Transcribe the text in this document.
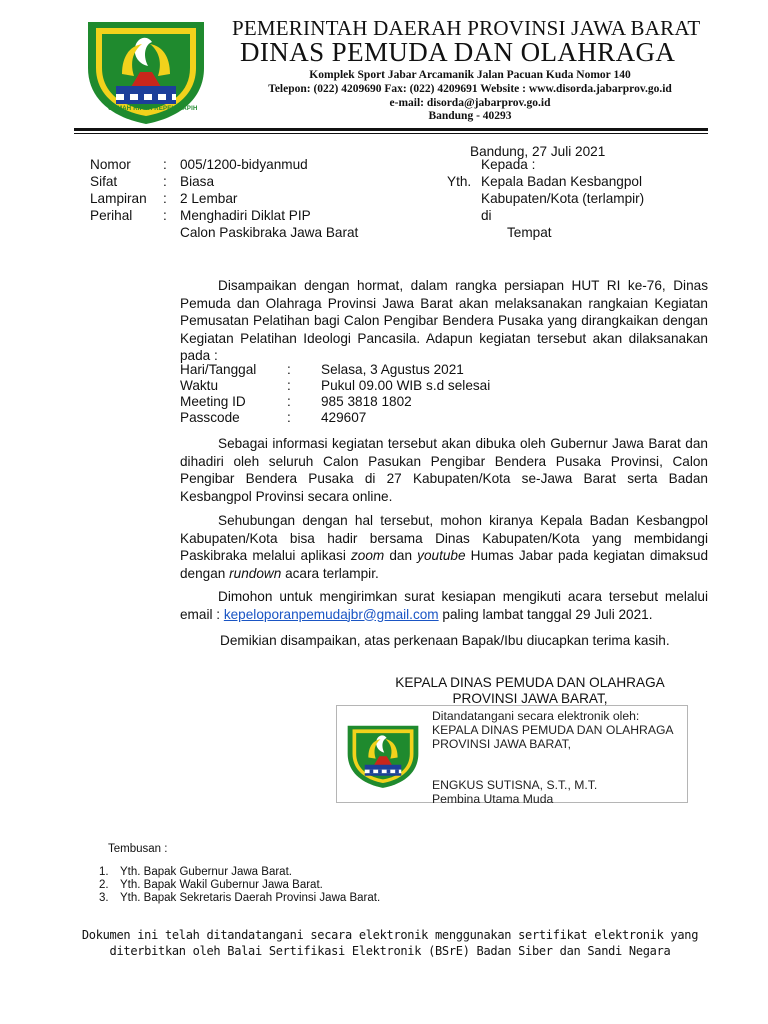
GEMAH RIPAH REPEH RAPIH
PEMERINTAH DAERAH PROVINSI JAWA BARAT
DINAS PEMUDA DAN OLAHRAGA
Komplek Sport Jabar Arcamanik Jalan Pacuan Kuda Nomor 140
Telepon: (022) 4209690 Fax: (022) 4209691 Website : www.disorda.jabarprov.go.id
e-mail: disorda@jabarprov.go.id
Bandung - 40293
Bandung, 27 Juli 2021
Nomor : 005/1200-bidyanmud
Sifat	: Biasa
Lampiran : 2 Lembar
Perihal : Menghadiri Diklat PIP
Calon Paskibraka Jawa Barat
Kepada :
Yth. Kepala Badan Kesbangpol
Kabupaten/Kota (terlampir)
di
Tempat
Disampaikan dengan hormat, dalam rangka persiapan HUT RI ke-76, Dinas Pemuda dan Olahraga Provinsi Jawa Barat akan melaksanakan rangkaian Kegiatan Pemusatan Pelatihan bagi Calon Pengibar Bendera Pusaka yang dirangkaikan dengan Kegiatan Pelatihan Ideologi Pancasila. Adapun kegiatan tersebut akan dilaksanakan pada :
Hari/Tanggal : Selasa, 3 Agustus 2021
Waktu	: Pukul 09.00 WIB s.d selesai
Meeting ID	: 985 3818 1802
Passcode	: 429607
Sebagai informasi kegiatan tersebut akan dibuka oleh Gubernur Jawa Barat dan dihadiri oleh seluruh Calon Pasukan Pengibar Bendera Pusaka Provinsi, Calon Pengibar Bendera Pusaka di 27 Kabupaten/Kota se-Jawa Barat serta Badan Kesbangpol Provinsi secara online.
Sehubungan dengan hal tersebut, mohon kiranya Kepala Badan Kesbangpol Kabupaten/Kota bisa hadir bersama Dinas Kabupaten/Kota yang membidangi Paskibraka melalui aplikasi zoom dan youtube Humas Jabar pada kegiatan dimaksud dengan rundown acara terlampir.
Dimohon untuk mengirimkan surat kesiapan mengikuti acara tersebut melalui email : kepeloporanpemudajbr@gmail.com paling lambat tanggal 29 Juli 2021.
Demikian disampaikan, atas perkenaan Bapak/Ibu diucapkan terima kasih.
KEPALA DINAS PEMUDA DAN OLAHRAGA
PROVINSI JAWA BARAT,
Ditandatangani secara elektronik oleh:
KEPALA DINAS PEMUDA DAN OLAHRAGA
PROVINSI JAWA BARAT,
ENGKUS SUTISNA, S.T., M.T.
Pembina Utama Muda
Tembusan :
1. Yth. Bapak Gubernur Jawa Barat.
2. Yth. Bapak Wakil Gubernur Jawa Barat.
3. Yth. Bapak Sekretaris Daerah Provinsi Jawa Barat.
Dokumen ini telah ditandatangani secara elektronik menggunakan sertifikat elektronik yang
diterbitkan oleh Balai Sertifikasi Elektronik (BSrE) Badan Siber dan Sandi Negara
